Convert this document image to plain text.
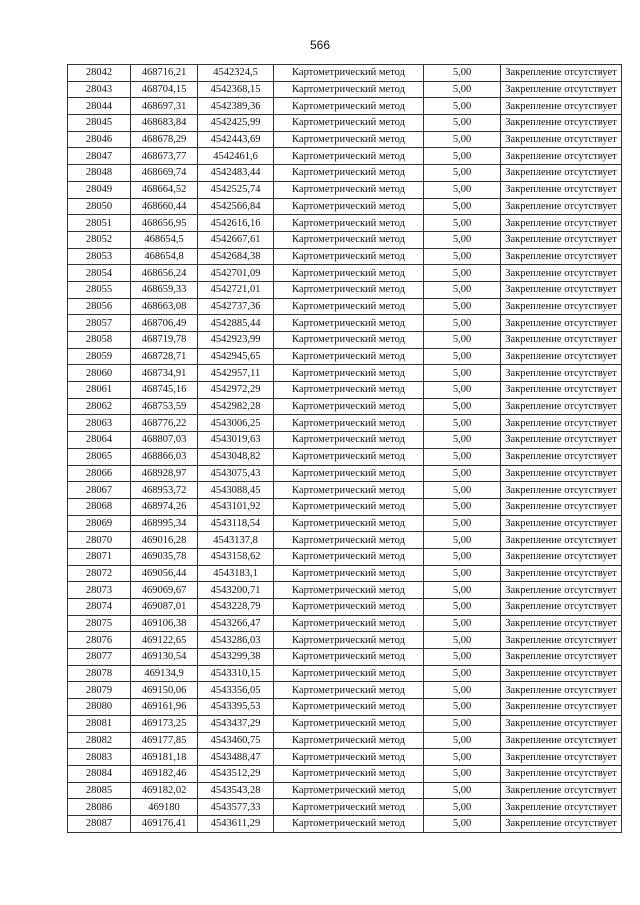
566
28042	468716,21	4542324,5	Картометрический метод	5,00	Закрепление отсутствует
28043	468704,15	4542368,15	Картометрический метод	5,00	Закрепление отсутствует
28044	468697,31	4542389,36	Картометрический метод	5,00	Закрепление отсутствует
28045	468683,84	4542425,99	Картометрический метод	5,00	Закрепление отсутствует
28046	468678,29	4542443,69	Картометрический метод	5,00	Закрепление отсутствует
28047	468673,77	4542461,6	Картометрический метод	5,00	Закрепление отсутствует
28048	468669,74	4542483,44	Картометрический метод	5,00	Закрепление отсутствует
28049	468664,52	4542525,74	Картометрический метод	5,00	Закрепление отсутствует
28050	468660,44	4542566,84	Картометрический метод	5,00	Закрепление отсутствует
28051	468656,95	4542616,16	Картометрический метод	5,00	Закрепление отсутствует
28052	468654,5	4542667,61	Картометрический метод	5,00	Закрепление отсутствует
28053	468654,8	4542684,38	Картометрический метод	5,00	Закрепление отсутствует
28054	468656,24	4542701,09	Картометрический метод	5,00	Закрепление отсутствует
28055	468659,33	4542721,01	Картометрический метод	5,00	Закрепление отсутствует
28056	468663,08	4542737,36	Картометрический метод	5,00	Закрепление отсутствует
28057	468706,49	4542885,44	Картометрический метод	5,00	Закрепление отсутствует
28058	468719,78	4542923,99	Картометрический метод	5,00	Закрепление отсутствует
28059	468728,71	4542945,65	Картометрический метод	5,00	Закрепление отсутствует
28060	468734,91	4542957,11	Картометрический метод	5,00	Закрепление отсутствует
28061	468745,16	4542972,29	Картометрический метод	5,00	Закрепление отсутствует
28062	468753,59	4542982,28	Картометрический метод	5,00	Закрепление отсутствует
28063	468776,22	4543006,25	Картометрический метод	5,00	Закрепление отсутствует
28064	468807,03	4543019,63	Картометрический метод	5,00	Закрепление отсутствует
28065	468866,03	4543048,82	Картометрический метод	5,00	Закрепление отсутствует
28066	468928,97	4543075,43	Картометрический метод	5,00	Закрепление отсутствует
28067	468953,72	4543088,45	Картометрический метод	5,00	Закрепление отсутствует
28068	468974,26	4543101,92	Картометрический метод	5,00	Закрепление отсутствует
28069	468995,34	4543118,54	Картометрический метод	5,00	Закрепление отсутствует
28070	469016,28	4543137,8	Картометрический метод	5,00	Закрепление отсутствует
28071	469035,78	4543158,62	Картометрический метод	5,00	Закрепление отсутствует
28072	469056,44	4543183,1	Картометрический метод	5,00	Закрепление отсутствует
28073	469069,67	4543200,71	Картометрический метод	5,00	Закрепление отсутствует
28074	469087,01	4543228,79	Картометрический метод	5,00	Закрепление отсутствует
28075	469106,38	4543266,47	Картометрический метод	5,00	Закрепление отсутствует
28076	469122,65	4543286,03	Картометрический метод	5,00	Закрепление отсутствует
28077	469130,54	4543299,38	Картометрический метод	5,00	Закрепление отсутствует
28078	469134,9	4543310,15	Картометрический метод	5,00	Закрепление отсутствует
28079	469150,06	4543356,05	Картометрический метод	5,00	Закрепление отсутствует
28080	469161,96	4543395,53	Картометрический метод	5,00	Закрепление отсутствует
28081	469173,25	4543437,29	Картометрический метод	5,00	Закрепление отсутствует
28082	469177,85	4543460,75	Картометрический метод	5,00	Закрепление отсутствует
28083	469181,18	4543488,47	Картометрический метод	5,00	Закрепление отсутствует
28084	469182,46	4543512,29	Картометрический метод	5,00	Закрепление отсутствует
28085	469182,02	4543543,28	Картометрический метод	5,00	Закрепление отсутствует
28086	469180	4543577,33	Картометрический метод	5,00	Закрепление отсутствует
28087	469176,41	4543611,29	Картометрический метод	5,00	Закрепление отсутствует
